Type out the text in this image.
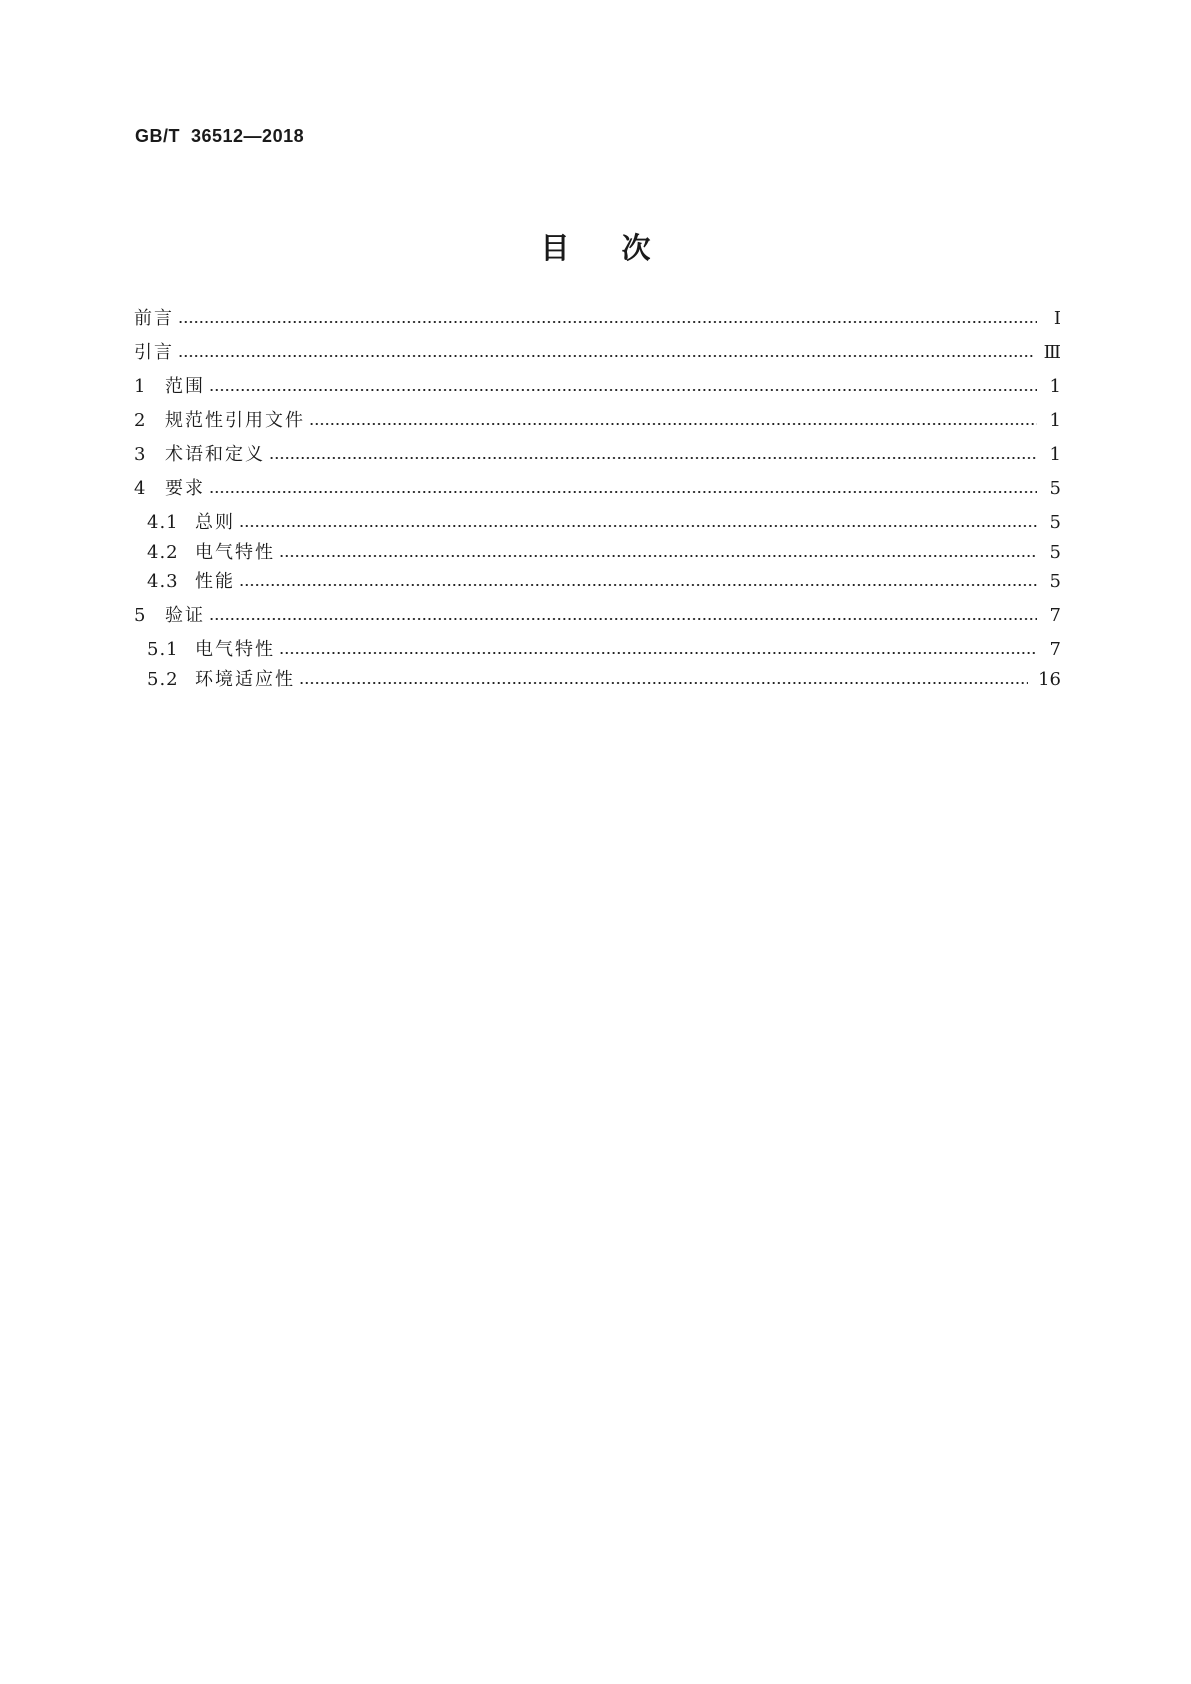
GB/T  36512—2018
目次
前言	Ⅰ
引言	Ⅲ
1	范围	1
2	规范性引用文件	1
3	术语和定义	1
4	要求	5
4.1 总则	5
4.2 电气特性	5
4.3 性能	5
5	验证	7
5.1 电气特性	7
5.2 环境适应性	16
